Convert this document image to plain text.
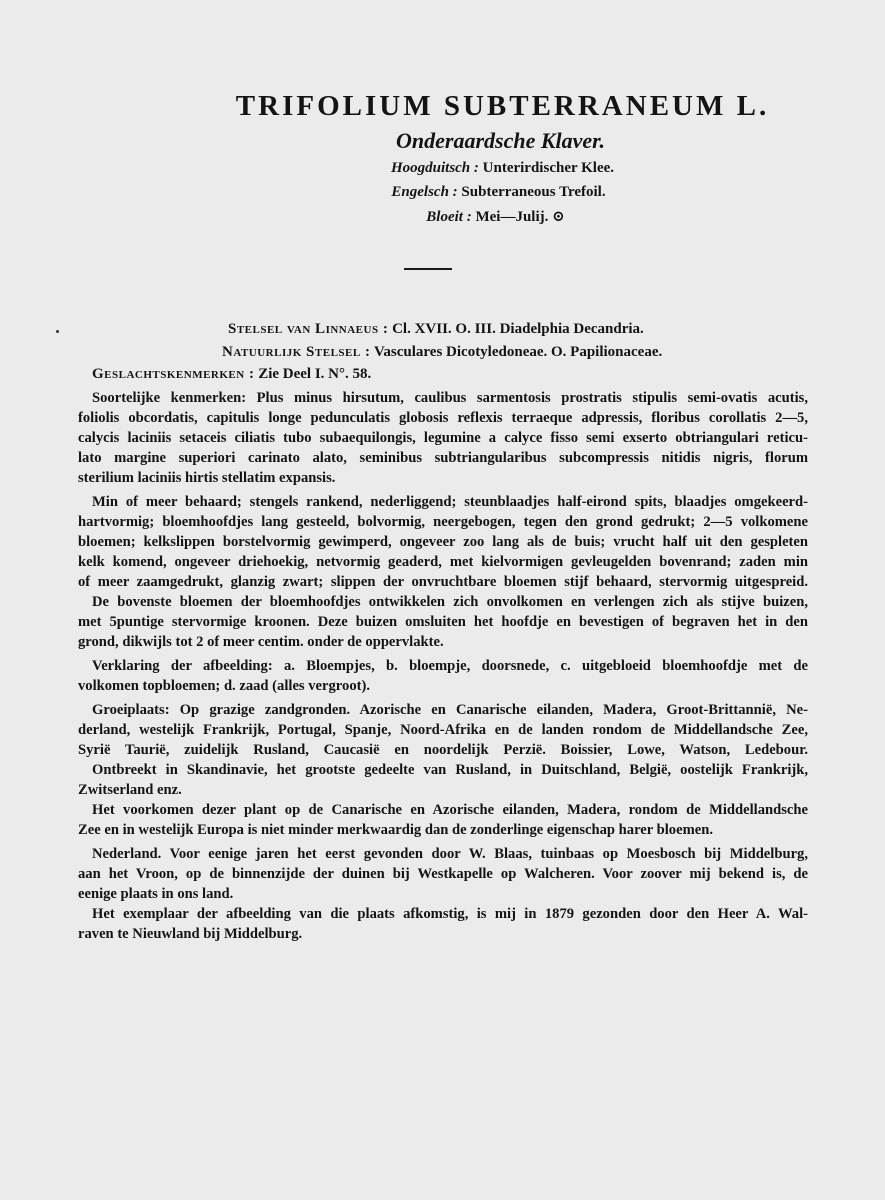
TRIFOLIUM SUBTERRANEUM L.
Onderaardsche Klaver.
Hoogduitsch : Unterirdischer Klee.
Engelsch : Subterraneous Trefoil.
Bloeit : Mei—Julij. ⊙
Stelsel van Linnaeus : Cl. XVII. O. III. Diadelphia Decandria.
Natuurlijk Stelsel : Vasculares Dicotyledoneae. O. Papilionaceae.
Geslachtskenmerken : Zie Deel I. N°. 58.
Soortelijke kenmerken: Plus minus hirsutum, caulibus sarmentosis prostratis stipulis semi-ovatis acutis,
foliolis obcordatis, capitulis longe pedunculatis globosis reflexis terraeque adpressis, floribus corollatis 2—5,
calycis laciniis setaceis ciliatis tubo subaequilongis, legumine a calyce fisso semi exserto obtriangulari reticu-
lato margine superiori carinato alato, seminibus subtriangularibus subcompressis nitidis nigris, florum
sterilium laciniis hirtis stellatim expansis.
Min of meer behaard; stengels rankend, nederliggend; steunblaadjes half-eirond spits, blaadjes omgekeerd-
hartvormig; bloemhoofdjes lang gesteeld, bolvormig, neergebogen, tegen den grond gedrukt; 2—5 volkomene
bloemen; kelkslippen borstelvormig gewimperd, ongeveer zoo lang als de buis; vrucht half uit den gespleten
kelk komend, ongeveer driehoekig, netvormig geaderd, met kielvormigen gevleugelden bovenrand; zaden min
of meer zaamgedrukt, glanzig zwart; slippen der onvruchtbare bloemen stijf behaard, stervormig uitgespreid.
De bovenste bloemen der bloemhoofdjes ontwikkelen zich onvolkomen en verlengen zich als stijve buizen,
met 5puntige stervormige kroonen. Deze buizen omsluiten het hoofdje en bevestigen of begraven het in den
grond, dikwijls tot 2 of meer centim. onder de oppervlakte.
Verklaring der afbeelding: a. Bloempjes, b. bloempje, doorsnede, c. uitgebloeid bloemhoofdje met de
volkomen topbloemen; d. zaad (alles vergroot).
Groeiplaats: Op grazige zandgronden. Azorische en Canarische eilanden, Madera, Groot-Brittannië, Ne-
derland, westelijk Frankrijk, Portugal, Spanje, Noord-Afrika en de landen rondom de Middellandsche Zee,
Syrië Taurië, zuidelijk Rusland, Caucasië en noordelijk Perzië. Boissier, Lowe, Watson, Ledebour.
Ontbreekt in Skandinavie, het grootste gedeelte van Rusland, in Duitschland, België, oostelijk Frankrijk,
Zwitserland enz.
Het voorkomen dezer plant op de Canarische en Azorische eilanden, Madera, rondom de Middellandsche
Zee en in westelijk Europa is niet minder merkwaardig dan de zonderlinge eigenschap harer bloemen.
Nederland. Voor eenige jaren het eerst gevonden door W. Blaas, tuinbaas op Moesbosch bij Middelburg,
aan het Vroon, op de binnenzijde der duinen bij Westkapelle op Walcheren. Voor zoover mij bekend is, de
eenige plaats in ons land.
Het exemplaar der afbeelding van die plaats afkomstig, is mij in 1879 gezonden door den Heer A. Wal-
raven te Nieuwland bij Middelburg.
